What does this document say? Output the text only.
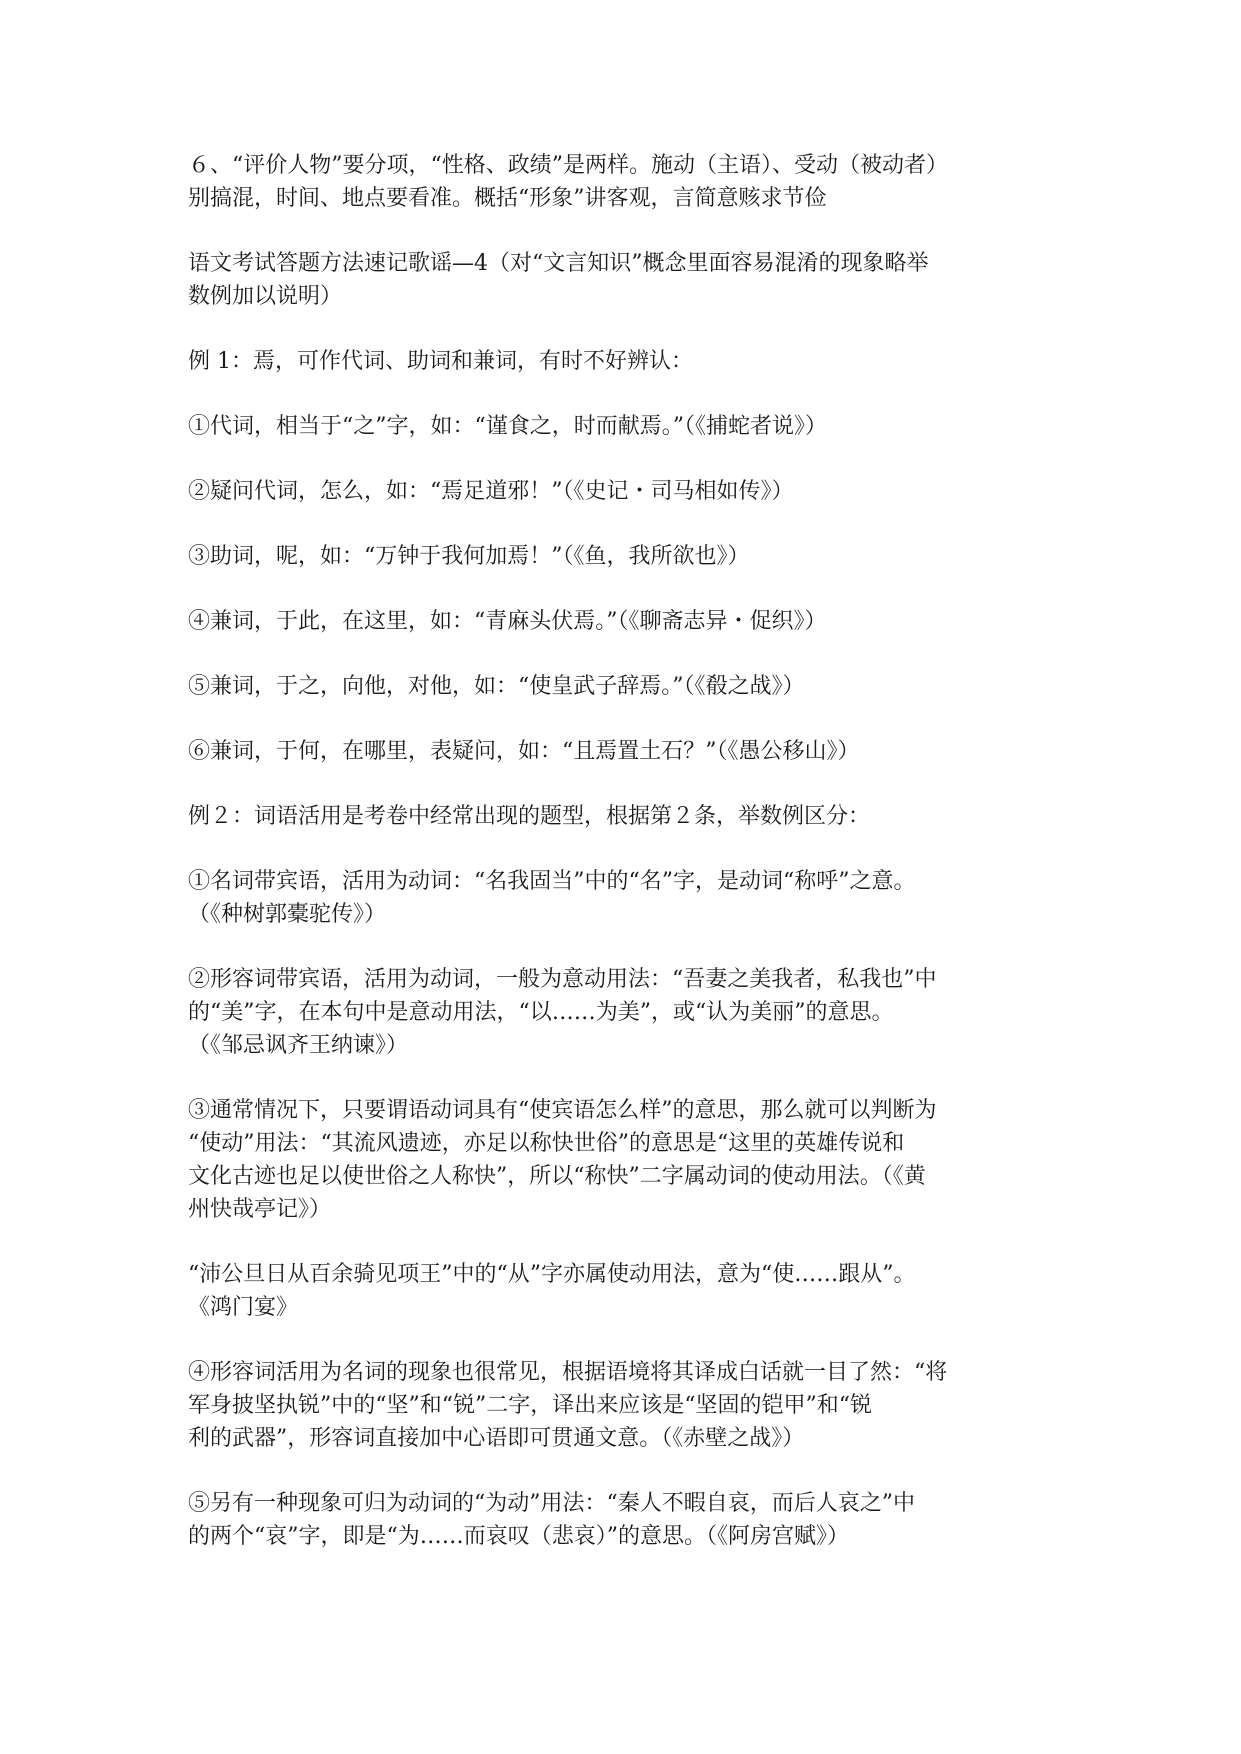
６、“评价人物”要分项，“性格、政绩”是两样。施动（主语）、受动（被动者）
别搞混，时间、地点要看准。概括“形象”讲客观，言简意赅求节俭

语文考试答题方法速记歌谣—4（对“文言知识”概念里面容易混淆的现象略举
数例加以说明）

例 1：焉，可作代词、助词和兼词，有时不好辨认：

①代词，相当于“之”字，如：“谨食之，时而献焉。”（《捕蛇者说》）

②疑问代词，怎么，如：“焉足道邪！”（《史记・司马相如传》）

③助词，呢，如：“万钟于我何加焉！”（《鱼，我所欲也》）

④兼词，于此，在这里，如：“青麻头伏焉。”（《聊斋志异・促织》）

⑤兼词，于之，向他，对他，如：“使皇武子辞焉。”（《殽之战》）

⑥兼词，于何，在哪里，表疑问，如：“且焉置土石？”（《愚公移山》）

例２：词语活用是考卷中经常出现的题型，根据第２条，举数例区分：

①名词带宾语，活用为动词：“名我固当”中的“名”字，是动词“称呼”之意。
（《种树郭橐驼传》）

②形容词带宾语，活用为动词，一般为意动用法：“吾妻之美我者，私我也”中
的“美”字，在本句中是意动用法，“以……为美”，或“认为美丽”的意思。
（《邹忌讽齐王纳谏》）

③通常情况下，只要谓语动词具有“使宾语怎么样”的意思，那么就可以判断为
“使动”用法：“其流风遗迹，亦足以称快世俗”的意思是“这里的英雄传说和
文化古迹也足以使世俗之人称快”，所以“称快”二字属动词的使动用法。（《黄
州快哉亭记》）

“沛公旦日从百余骑见项王”中的“从”字亦属使动用法，意为“使……跟从”。
《鸿门宴》

④形容词活用为名词的现象也很常见，根据语境将其译成白话就一目了然：“将
军身披坚执锐”中的“坚”和“锐”二字，译出来应该是“坚固的铠甲”和“锐
利的武器”，形容词直接加中心语即可贯通文意。（《赤壁之战》）

⑤另有一种现象可归为动词的“为动”用法：“秦人不暇自哀，而后人哀之”中
的两个“哀”字，即是“为……而哀叹（悲哀）”的意思。（《阿房宫赋》）
